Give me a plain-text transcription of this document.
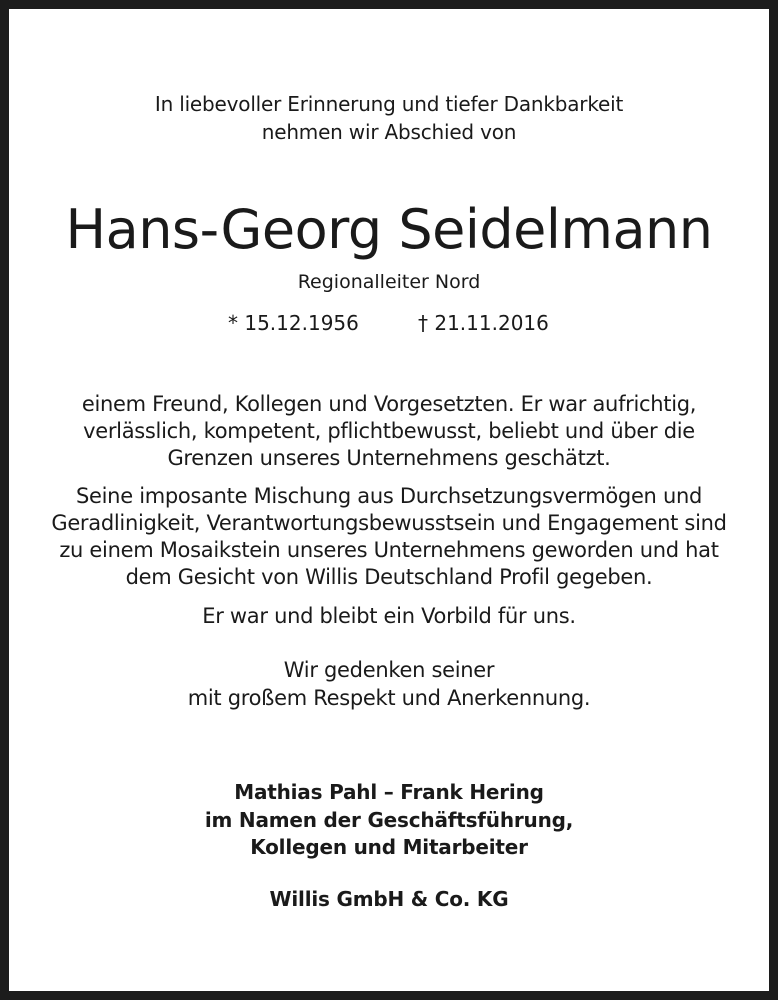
In liebevoller Erinnerung und tiefer Dankbarkeit
nehmen wir Abschied von
Hans-Georg Seidelmann
Regionalleiter Nord
* 15.12.1956	† 21.11.2016
einem Freund, Kollegen und Vorgesetzten. Er war aufrichtig,
verlässlich, kompetent, pflichtbewusst, beliebt und über die
Grenzen unseres Unternehmens geschätzt.
Seine imposante Mischung aus Durchsetzungsvermögen und
Geradlinigkeit, Verantwortungsbewusstsein und Engagement sind
zu einem Mosaikstein unseres Unternehmens geworden und hat
dem Gesicht von Willis Deutschland Profil gegeben.
Er war und bleibt ein Vorbild für uns.
Wir gedenken seiner
mit großem Respekt und Anerkennung.
Mathias Pahl – Frank Hering
im Namen der Geschäftsführung,
Kollegen und Mitarbeiter
Willis GmbH & Co. KG
